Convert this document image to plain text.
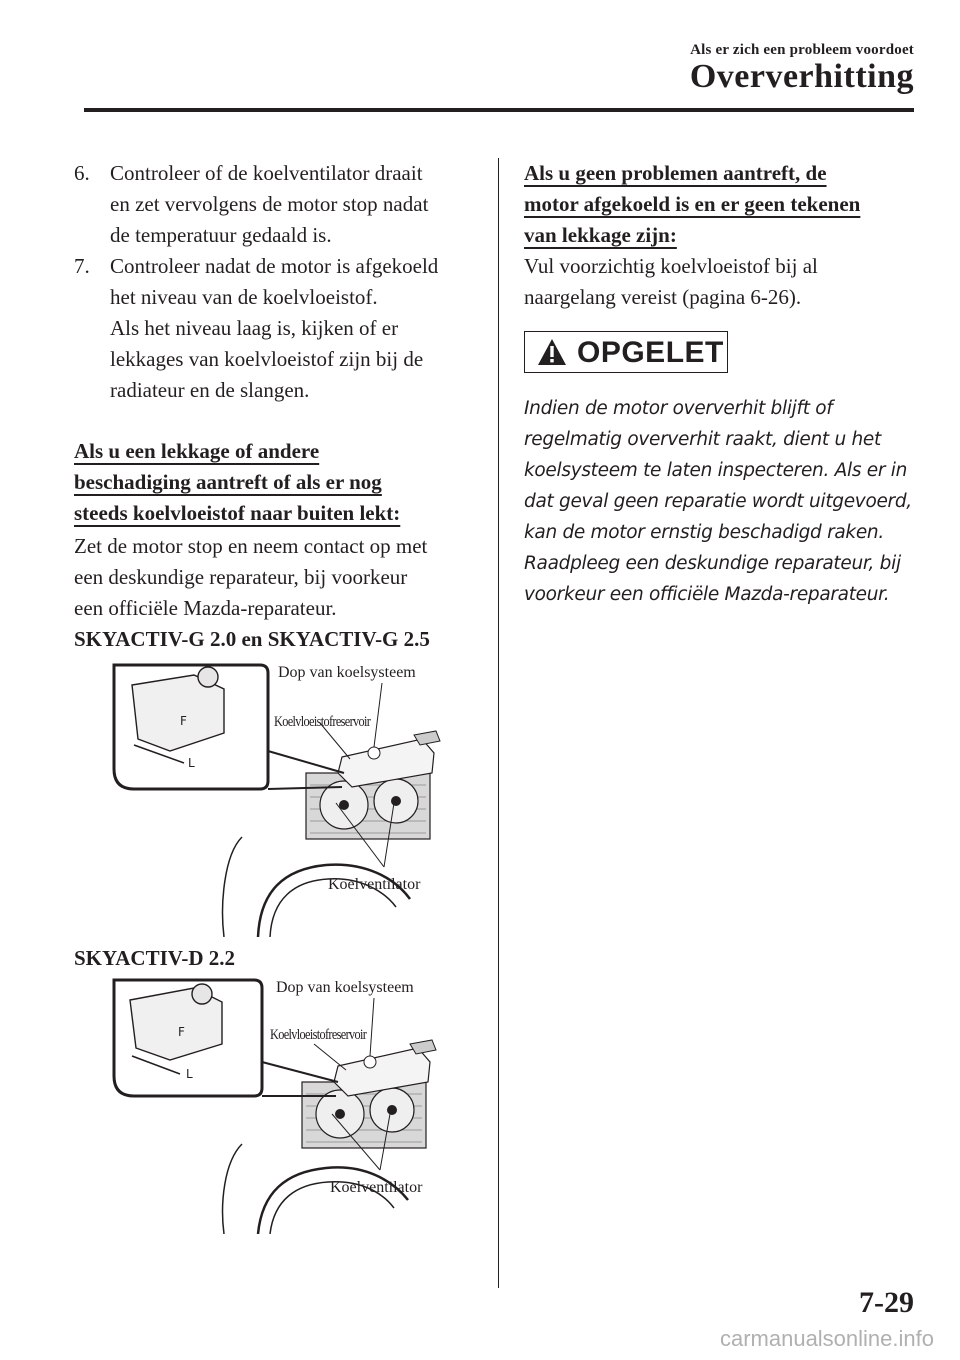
Als er zich een probleem voordoet
Oververhitting
6. Controleer of de koelventilator draait
en zet vervolgens de motor stop nadat
de temperatuur gedaald is.
7. Controleer nadat de motor is afgekoeld
het niveau van de koelvloeistof.
Als het niveau laag is, kijken of er
lekkages van koelvloeistof zijn bij de
radiateur en de slangen.
Als u een lekkage of andere
beschadiging aantreft of als er nog
steeds koelvloeistof naar buiten lekt:
Zet de motor stop en neem contact op met
een deskundige reparateur, bij voorkeur
een officiële Mazda-reparateur.
SKYACTIV-G 2.0 en SKYACTIV-G 2.5
F
L
Dop van koelsysteem
Koelvloeistofreservoir
Koelventilator
SKYACTIV-D 2.2
F
L
Dop van koelsysteem
Koelvloeistofreservoir
Koelventilator
Als u geen problemen aantreft, de
motor afgekoeld is en er geen tekenen
van lekkage zijn:
Vul voorzichtig koelvloeistof bij al
naargelang vereist (pagina 6-26).
OPGELET
Indien de motor oververhit blijft of
regelmatig oververhit raakt, dient u het
koelsysteem te laten inspecteren. Als er in
dat geval geen reparatie wordt uitgevoerd,
kan de motor ernstig beschadigd raken.
Raadpleeg een deskundige reparateur, bij
voorkeur een officiële Mazda-reparateur.
7-29
carmanualsonline.info
